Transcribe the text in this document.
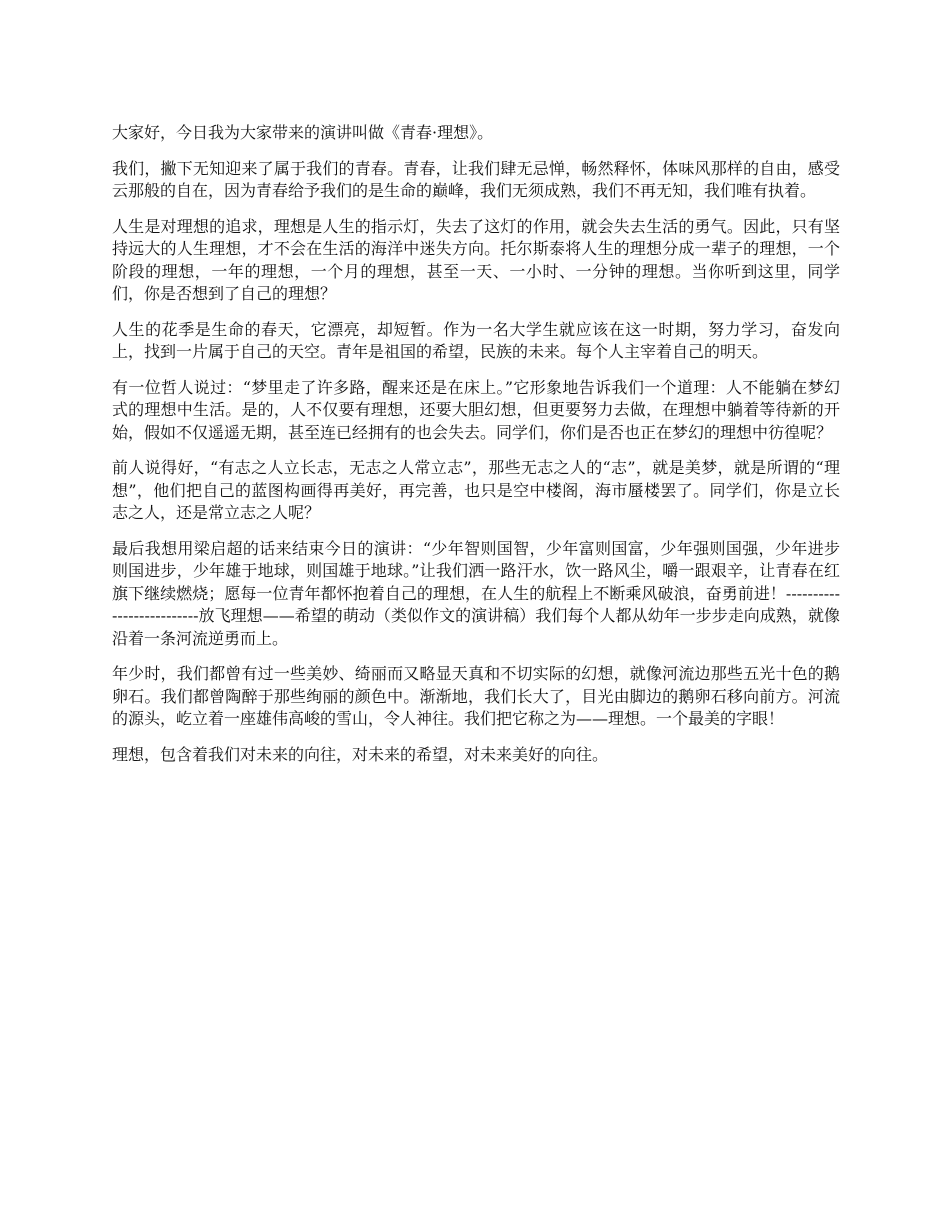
大家好，今日我为大家带来的演讲叫做《青春·理想》。

我们，撇下无知迎来了属于我们的青春。青春，让我们肆无忌惮，畅然释怀，体味风那样的自由，感受云那般的自在，因为青春给予我们的是生命的巅峰，我们无须成熟，我们不再无知，我们唯有执着。

人生是对理想的追求，理想是人生的指示灯，失去了这灯的作用，就会失去生活的勇气。因此，只有坚持远大的人生理想，才不会在生活的海洋中迷失方向。托尔斯泰将人生的理想分成一辈子的理想，一个阶段的理想，一年的理想，一个月的理想，甚至一天、一小时、一分钟的理想。当你听到这里，同学们，你是否想到了自己的理想？

人生的花季是生命的春天，它漂亮，却短暂。作为一名大学生就应该在这一时期，努力学习，奋发向上，找到一片属于自己的天空。青年是祖国的希望，民族的未来。每个人主宰着自己的明天。

有一位哲人说过：“梦里走了许多路，醒来还是在床上。”它形象地告诉我们一个道理：人不能躺在梦幻式的理想中生活。是的，人不仅要有理想，还要大胆幻想，但更要努力去做，在理想中躺着等待新的开始，假如不仅遥遥无期，甚至连已经拥有的也会失去。同学们，你们是否也正在梦幻的理想中彷徨呢？

前人说得好，“有志之人立长志，无志之人常立志”，那些无志之人的“志”，就是美梦，就是所谓的“理想”，他们把自己的蓝图构画得再美好，再完善，也只是空中楼阁，海市蜃楼罢了。同学们，你是立长志之人，还是常立志之人呢？

最后我想用梁启超的话来结束今日的演讲：“少年智则国智，少年富则国富，少年强则国强，少年进步则国进步，少年雄于地球，则国雄于地球。”让我们洒一路汗水，饮一路风尘，嚼一跟艰辛，让青春在红旗下继续燃烧；愿每一位青年都怀抱着自己的理想，在人生的航程上不断乘风破浪，奋勇前进！--------------------------放飞理想——希望的萌动（类似作文的演讲稿）我们每个人都从幼年一步步走向成熟，就像沿着一条河流逆勇而上。

年少时，我们都曾有过一些美妙、绮丽而又略显天真和不切实际的幻想，就像河流边那些五光十色的鹅卵石。我们都曾陶醉于那些绚丽的颜色中。渐渐地，我们长大了，目光由脚边的鹅卵石移向前方。河流的源头，屹立着一座雄伟高峻的雪山，令人神往。我们把它称之为——理想。一个最美的字眼！

理想，包含着我们对未来的向往，对未来的希望，对未来美好的向往。
